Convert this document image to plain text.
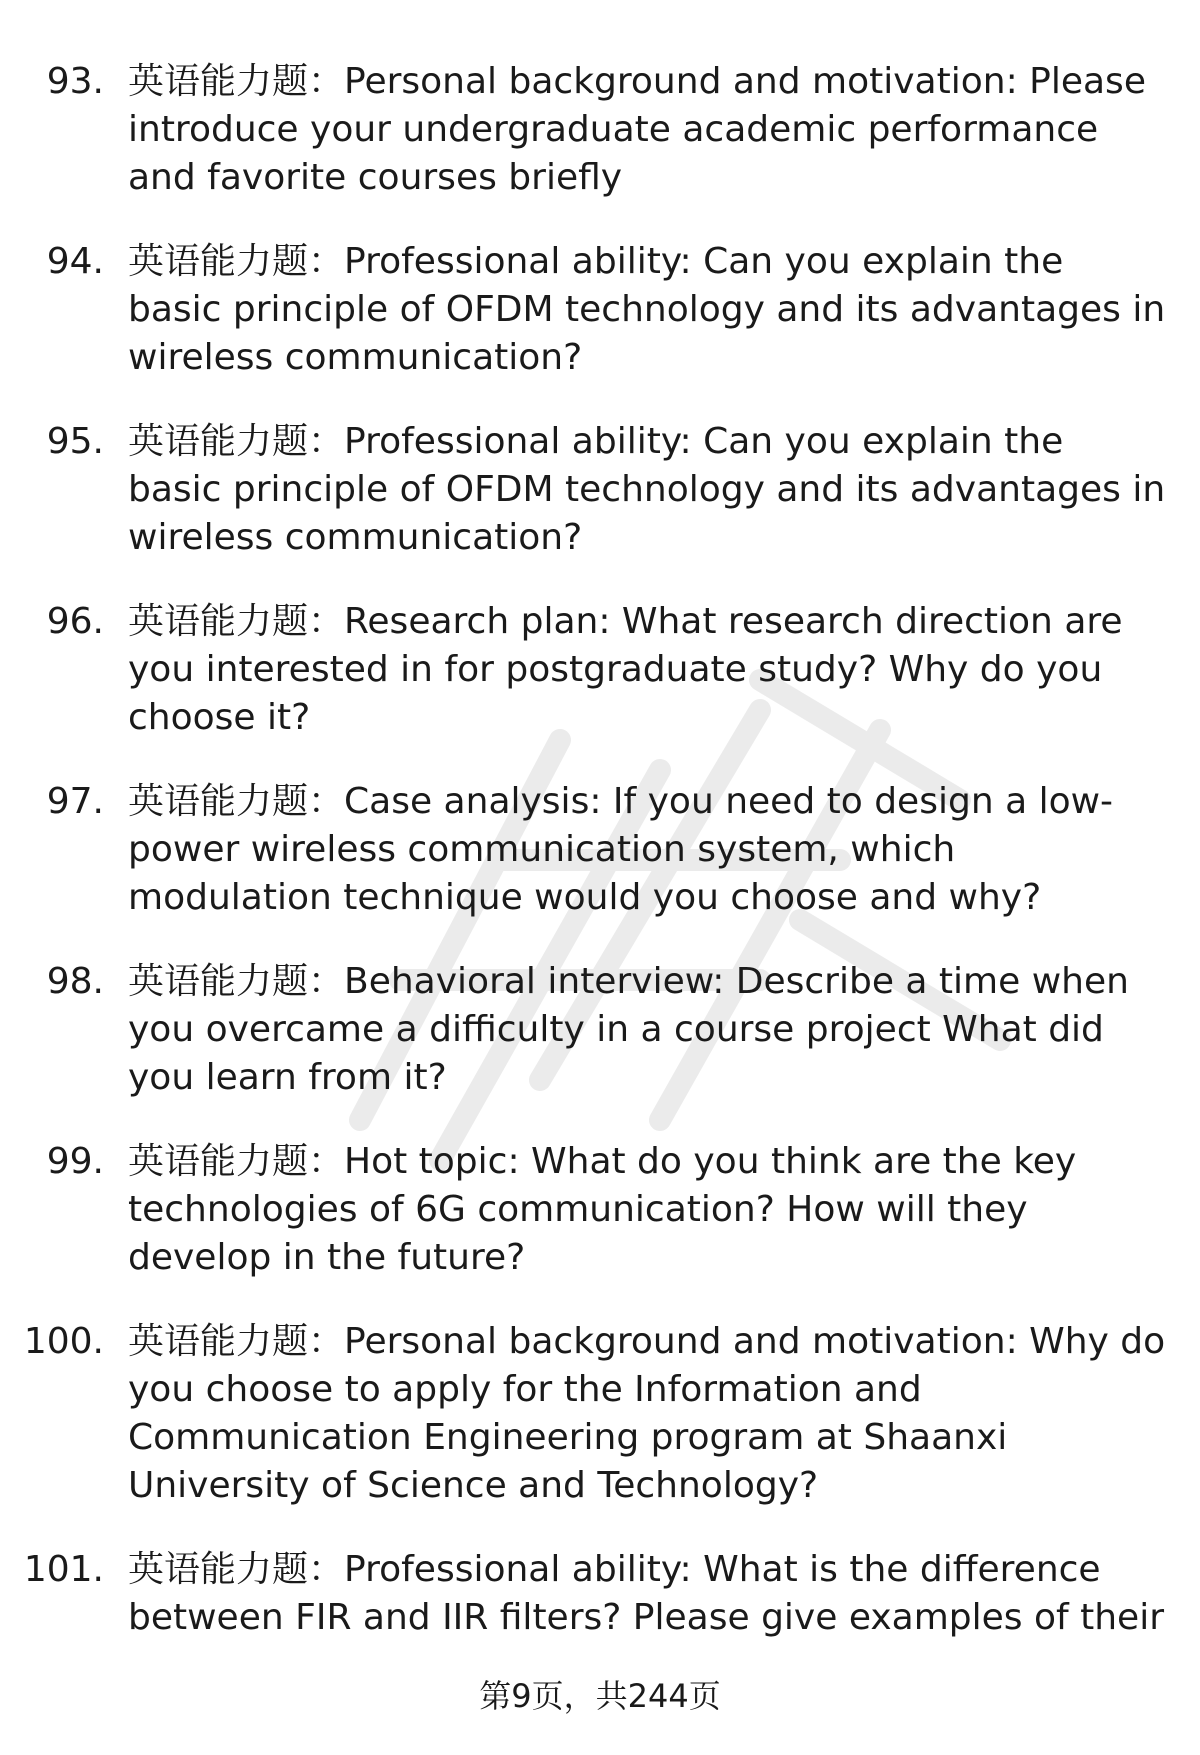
93. 英语能力题：Personal background and motivation: Please introduce your undergraduate academic performance and favorite courses briefly
94. 英语能力题：Professional ability: Can you explain the basic principle of OFDM technology and its advantages in wireless communication?
95. 英语能力题：Professional ability: Can you explain the basic principle of OFDM technology and its advantages in wireless communication?
96. 英语能力题：Research plan: What research direction are you interested in for postgraduate study? Why do you choose it?
97. 英语能力题：Case analysis: If you need to design a low-power wireless communication system, which modulation technique would you choose and why?
98. 英语能力题：Behavioral interview: Describe a time when you overcame a difficulty in a course project What did you learn from it?
99. 英语能力题：Hot topic: What do you think are the key technologies of 6G communication? How will they develop in the future?
100. 英语能力题：Personal background and motivation: Why do you choose to apply for the Information and Communication Engineering program at Shaanxi University of Science and Technology?
101. 英语能力题：Professional ability: What is the difference between FIR and IIR filters? Please give examples of their
第9页，共244页
